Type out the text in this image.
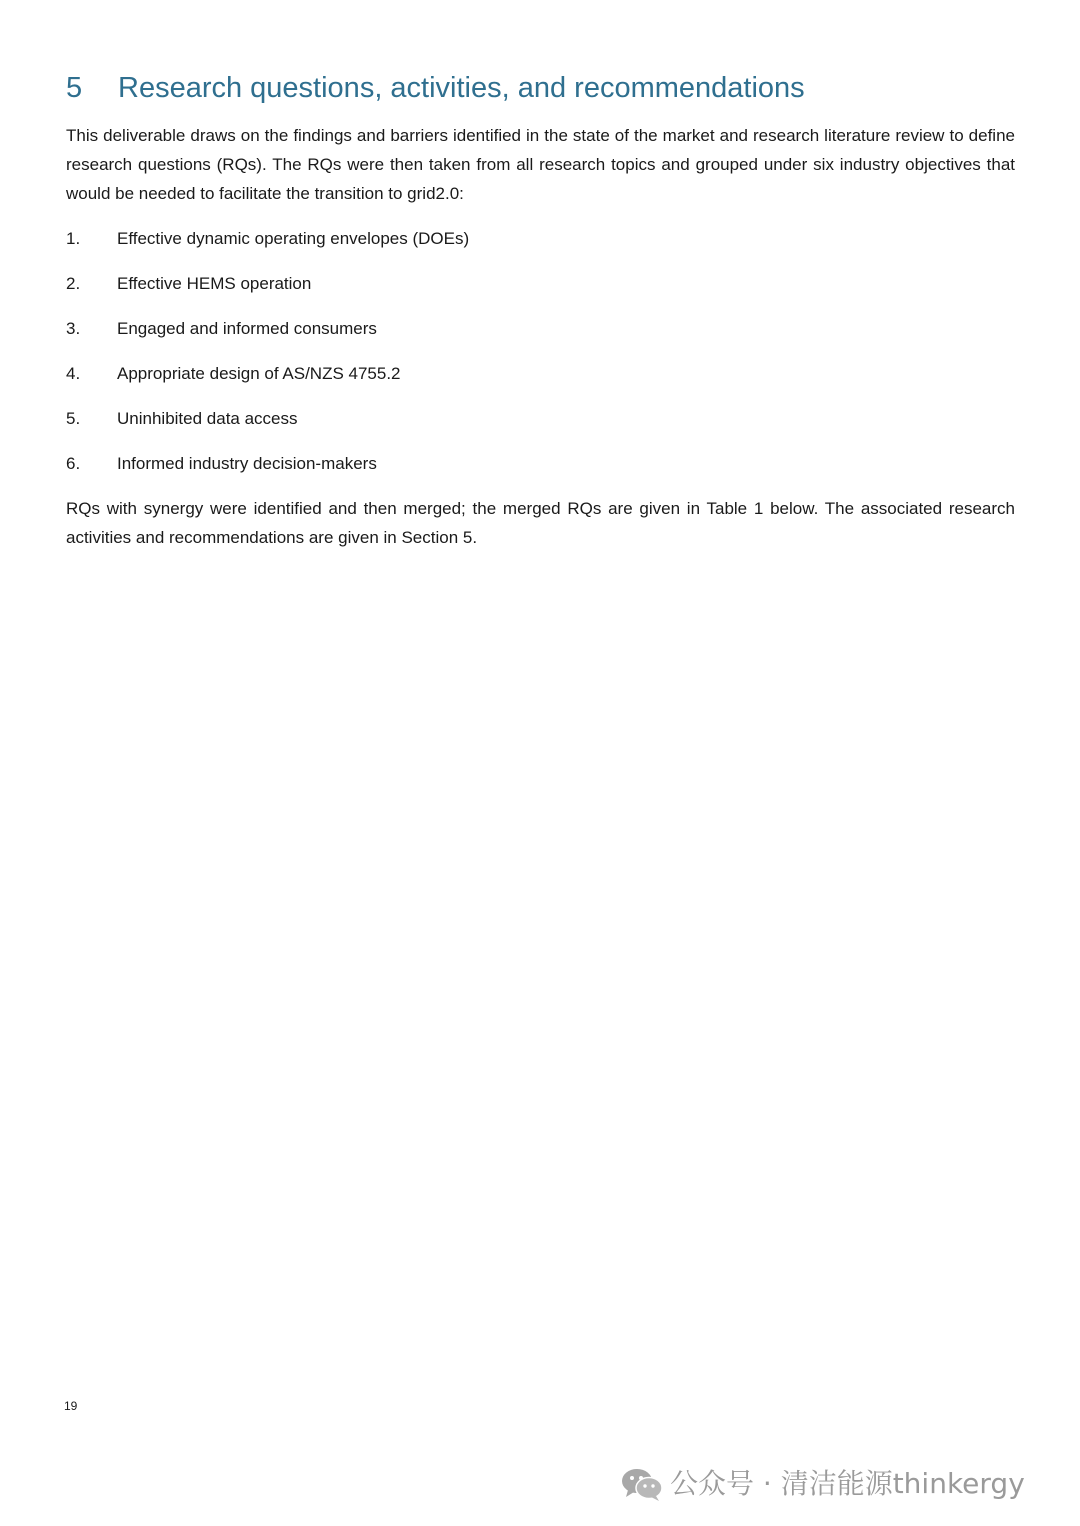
5 Research questions, activities, and recommendations

This deliverable draws on the findings and barriers identified in the state of the market and research literature review to define research questions (RQs). The RQs were then taken from all research topics and grouped under six industry objectives that would be needed to facilitate the transition to grid2.0:

1. Effective dynamic operating envelopes (DOEs)
2. Effective HEMS operation
3. Engaged and informed consumers
4. Appropriate design of AS/NZS 4755.2
5. Uninhibited data access
6. Informed industry decision-makers

RQs with synergy were identified and then merged; the merged RQs are given in Table 1 below. The associated research activities and recommendations are given in Section 5.

19
公众号 · 清洁能源thinkergy
